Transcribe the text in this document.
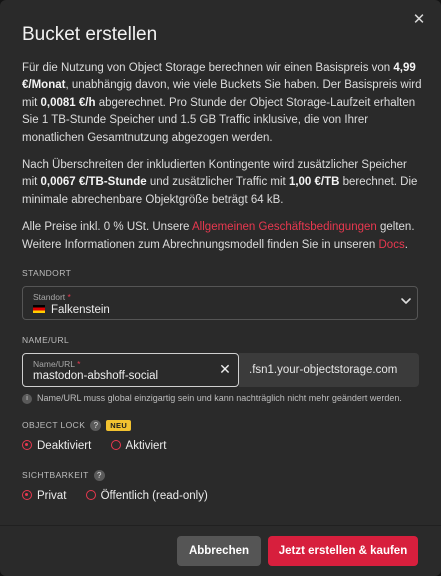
✕
Bucket erstellen

Für die Nutzung von Object Storage berechnen wir einen Basispreis von 4,99 €/Monat, unabhängig davon, wie viele Buckets Sie haben. Der Basispreis wird mit 0,0081 €/h abgerechnet. Pro Stunde der Object Storage-Laufzeit erhalten Sie 1 TB-Stunde Speicher und 1.5 GB Traffic inklusive, die von Ihrer monatlichen Gesamtnutzung abgezogen werden.

Nach Überschreiten der inkludierten Kontingente wird zusätzlicher Speicher mit 0,0067 €/TB-Stunde und zusätzlicher Traffic mit 1,00 €/TB berechnet. Die minimale abrechenbare Objektgröße beträgt 64 kB.

Alle Preise inkl. 0 % USt. Unsere Allgemeinen Geschäftsbedingungen gelten. Weitere Informationen zum Abrechnungsmodell finden Sie in unseren Docs.

STANDORT
Standort *
Falkenstein
NAME/URL
Name/URL *
mastodon-abshoff-social	✕	.fsn1.your-objectstorage.com
i Name/URL muss global einzigartig sein und kann nachträglich nicht mehr geändert werden.
OBJECT LOCK ? NEU
Deaktiviert	Aktiviert
SICHTBARKEIT ?
Privat	Öffentlich (read-only)
Abbrechen	Jetzt erstellen & kaufen
